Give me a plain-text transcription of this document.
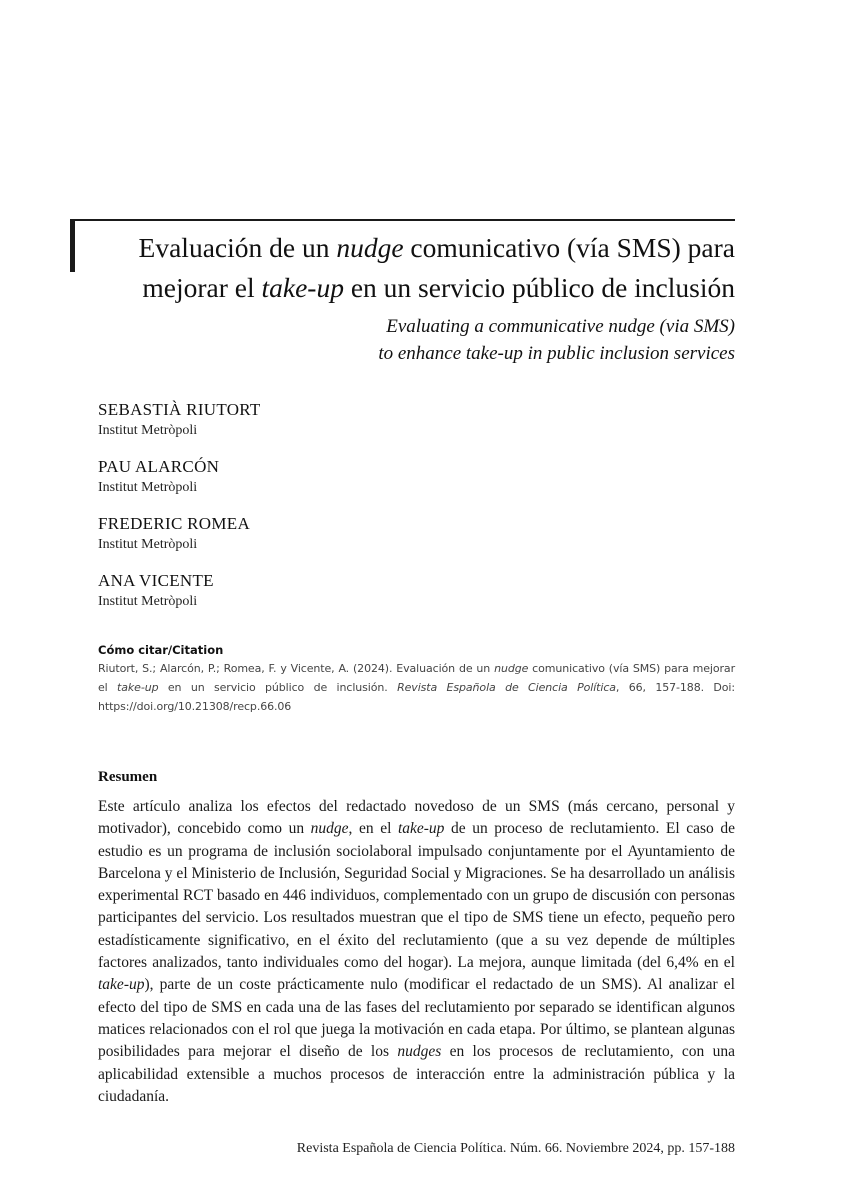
Evaluación de un nudge comunicativo (vía SMS) para
mejorar el take-up en un servicio público de inclusión
Evaluating a communicative nudge (via SMS)
to enhance take-up in public inclusion services
SEBASTIÀ RIUTORT
Institut Metròpoli
PAU ALARCÓN
Institut Metròpoli
FREDERIC ROMEA
Institut Metròpoli
ANA VICENTE
Institut Metròpoli
Cómo citar/Citation
Riutort, S.; Alarcón, P.; Romea, F. y Vicente, A. (2024). Evaluación de un nudge comunicativo (vía SMS) para mejorar el take-up en un servicio público de inclusión. Revista Española de Ciencia Política, 66, 157-188. Doi: https://doi.org/10.21308/recp.66.06
Resumen
Este artículo analiza los efectos del redactado novedoso de un SMS (más cercano, personal y motivador), concebido como un nudge, en el take-up de un proceso de reclutamiento. El caso de estudio es un programa de inclusión sociolaboral impulsado conjuntamente por el Ayuntamiento de Barcelona y el Ministerio de Inclusión, Seguridad Social y Migraciones. Se ha desarrollado un análisis experimental RCT basado en 446 individuos, complementado con un grupo de discusión con personas participantes del servicio. Los resultados muestran que el tipo de SMS tiene un efecto, pequeño pero estadísticamente significativo, en el éxito del reclutamiento (que a su vez depende de múltiples factores analizados, tanto individuales como del hogar). La mejora, aunque limitada (del 6,4% en el take-up), parte de un coste prácticamente nulo (modificar el redactado de un SMS). Al analizar el efecto del tipo de SMS en cada una de las fases del reclutamiento por separado se identifican algunos matices relacionados con el rol que juega la motivación en cada etapa. Por último, se plantean algunas posibilidades para mejorar el diseño de los nudges en los procesos de reclutamiento, con una aplicabilidad extensible a muchos procesos de interacción entre la administración pública y la ciudadanía.
Revista Española de Ciencia Política. Núm. 66. Noviembre 2024, pp. 157-188
